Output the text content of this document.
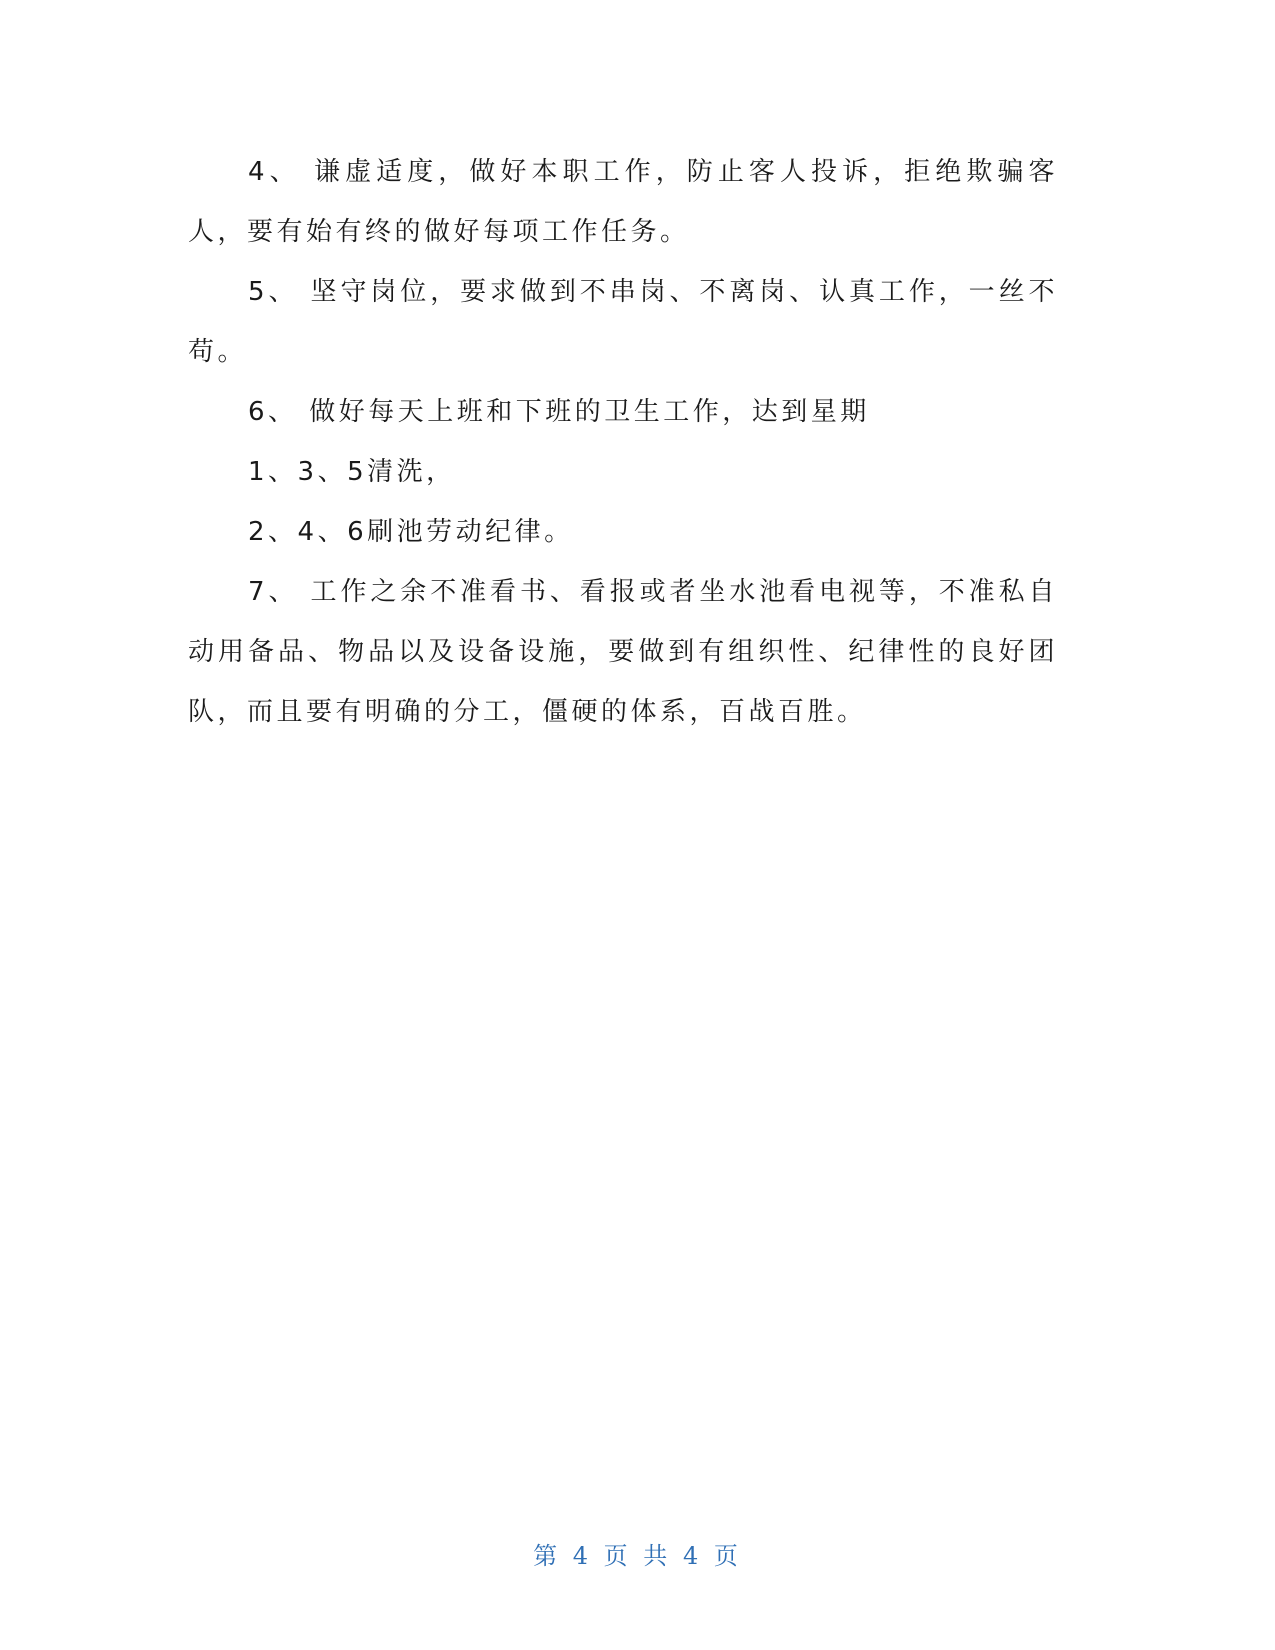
4、 谦虚适度，做好本职工作，防止客人投诉，拒绝欺骗客人，要有始有终的做好每项工作任务。

5、 坚守岗位，要求做到不串岗、不离岗、认真工作，一丝不苟。

6、 做好每天上班和下班的卫生工作，达到星期

1、3、5清洗，

2、4、6刷池劳动纪律。

7、 工作之余不准看书、看报或者坐水池看电视等，不准私自动用备品、物品以及设备设施，要做到有组织性、纪律性的良好团队，而且要有明确的分工，僵硬的体系，百战百胜。

第 4 页 共 4 页
